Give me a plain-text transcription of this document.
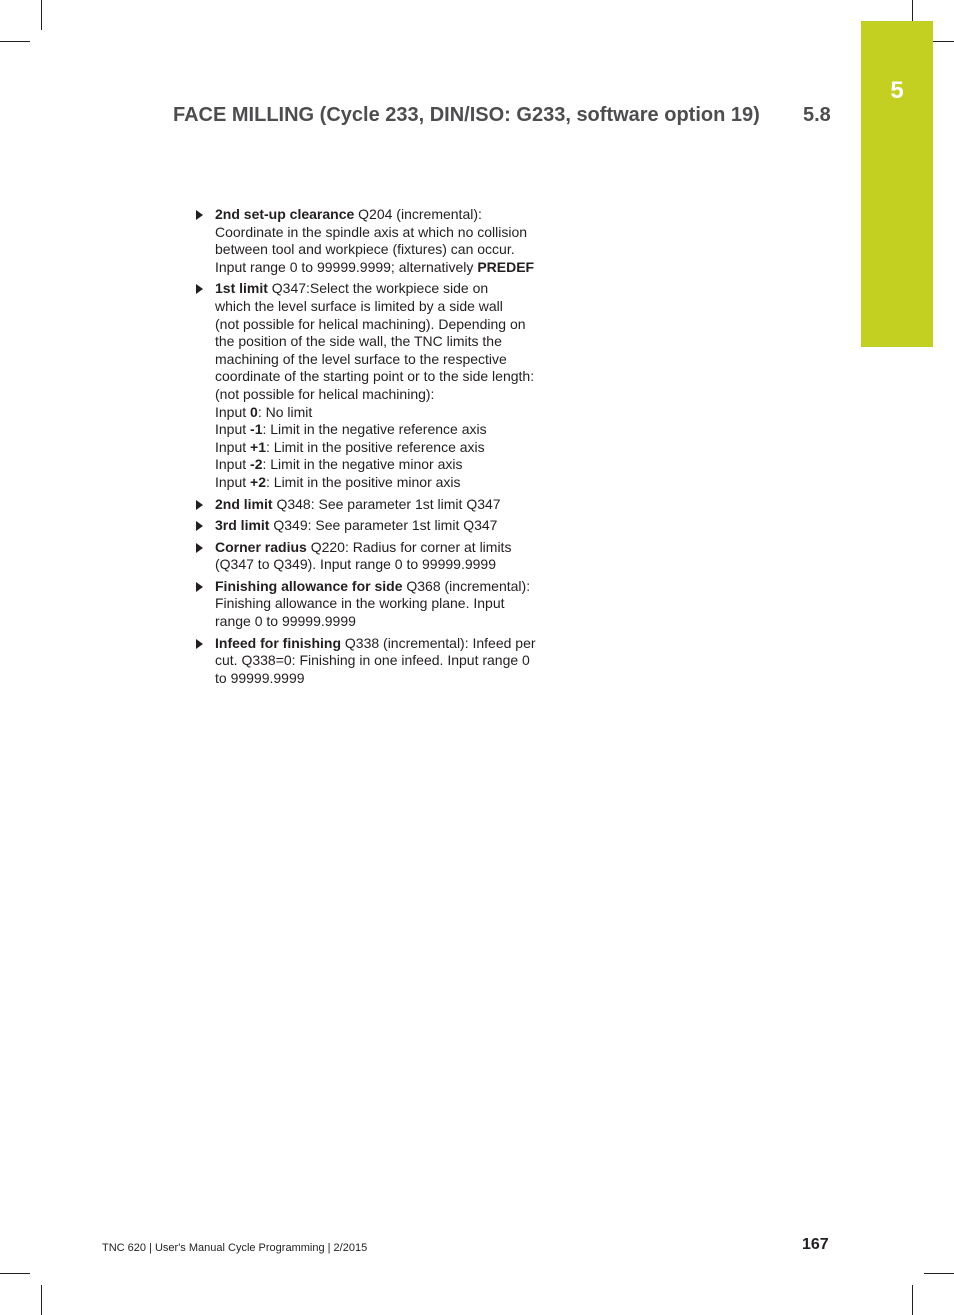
5
FACE MILLING (Cycle 233, DIN/ISO: G233, software option 19) 5.8
2nd set-up clearance Q204 (incremental):
Coordinate in the spindle axis at which no collision
between tool and workpiece (fixtures) can occur.
Input range 0 to 99999.9999; alternatively PREDEF
1st limit Q347:Select the workpiece side on
which the level surface is limited by a side wall
(not possible for helical machining). Depending on
the position of the side wall, the TNC limits the
machining of the level surface to the respective
coordinate of the starting point or to the side length:
(not possible for helical machining):
Input 0: No limit
Input -1: Limit in the negative reference axis
Input +1: Limit in the positive reference axis
Input -2: Limit in the negative minor axis
Input +2: Limit in the positive minor axis
2nd limit Q348: See parameter 1st limit Q347
3rd limit Q349: See parameter 1st limit Q347
Corner radius Q220: Radius for corner at limits
(Q347 to Q349). Input range 0 to 99999.9999
Finishing allowance for side Q368 (incremental):
Finishing allowance in the working plane. Input
range 0 to 99999.9999
Infeed for finishing Q338 (incremental): Infeed per
cut. Q338=0: Finishing in one infeed. Input range 0
to 99999.9999
TNC 620 | User's Manual Cycle Programming | 2/2015	167
